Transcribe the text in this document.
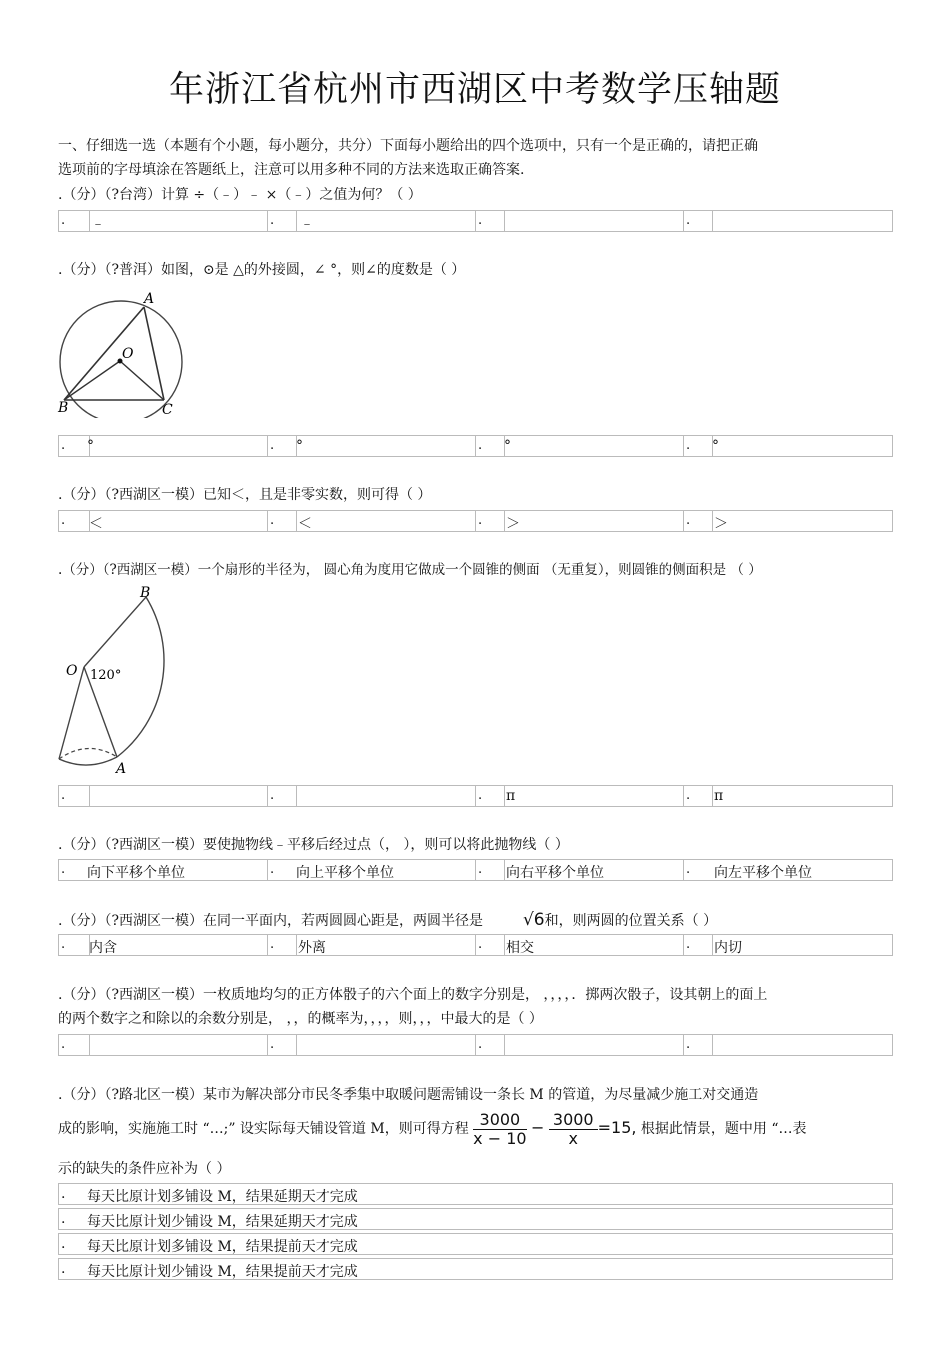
年浙江省杭州市西湖区中考数学压轴题
一、仔细选一选（本题有个小题，每小题分，共分）下面每小题给出的四个选项中，只有一个是正确的，请把正确
选项前的字母填涂在答题纸上，注意可以用多种不同的方法来选取正确答案.
.（分）（?台湾）计算 ÷（﹣）﹣ ×（﹣）之值为何？（ ）
. ﹣	. ﹣	.	.
.（分）（?普洱）如图，⊙是 △的外接圆，∠ °，则∠的度数是（ ）
A
O
B	C
. °	. °	. °	. °
.（分）（?西湖区一模）已知＜，且是非零实数，则可得（ ）
. ＜	. ＜	. ＞	. ＞
.（分）（?西湖区一模）一个扇形的半径为， 圆心角为度用它做成一个圆锥的侧面 （无重复），则圆锥的侧面积是 （ ）
B
O 120°
A
.	.	. π	. π
.（分）（?西湖区一模）要使抛物线﹣平移后经过点（， ），则可以将此抛物线（ ）
. 向下平移个单位	. 向上平移个单位	. 向右平移个单位	. 向左平移个单位
.（分）（?西湖区一模）在同一平面内，若两圆圆心距是，两圆半径是 √6和，则两圆的位置关系（ ）
. 内含	. 外离	. 相交	. 内切
.（分）（?西湖区一模）一枚质地均匀的正方体骰子的六个面上的数字分别是， ，，，，．掷两次骰子，设其朝上的面上
的两个数字之和除以的余数分别是， ，，的概率为，，，，则，，，中最大的是（ ）
.	.	.	.
.（分）（?路北区一模）某市为解决部分市民冬季集中取暖问题需铺设一条长 M 的管道，为尽量减少施工对交通造
成的影响，实施施工时 “…;” 设实际每天铺设管道 M，则可得方程 $\frac{3000}{x - 10} - \frac{3000}{x} =15$, 根据此情景，题中用 “…表
示的缺失的条件应补为（ ）
. 每天比原计划多铺设 M，结果延期天才完成
. 每天比原计划少铺设 M，结果延期天才完成
. 每天比原计划多铺设 M，结果提前天才完成
. 每天比原计划少铺设 M，结果提前天才完成
